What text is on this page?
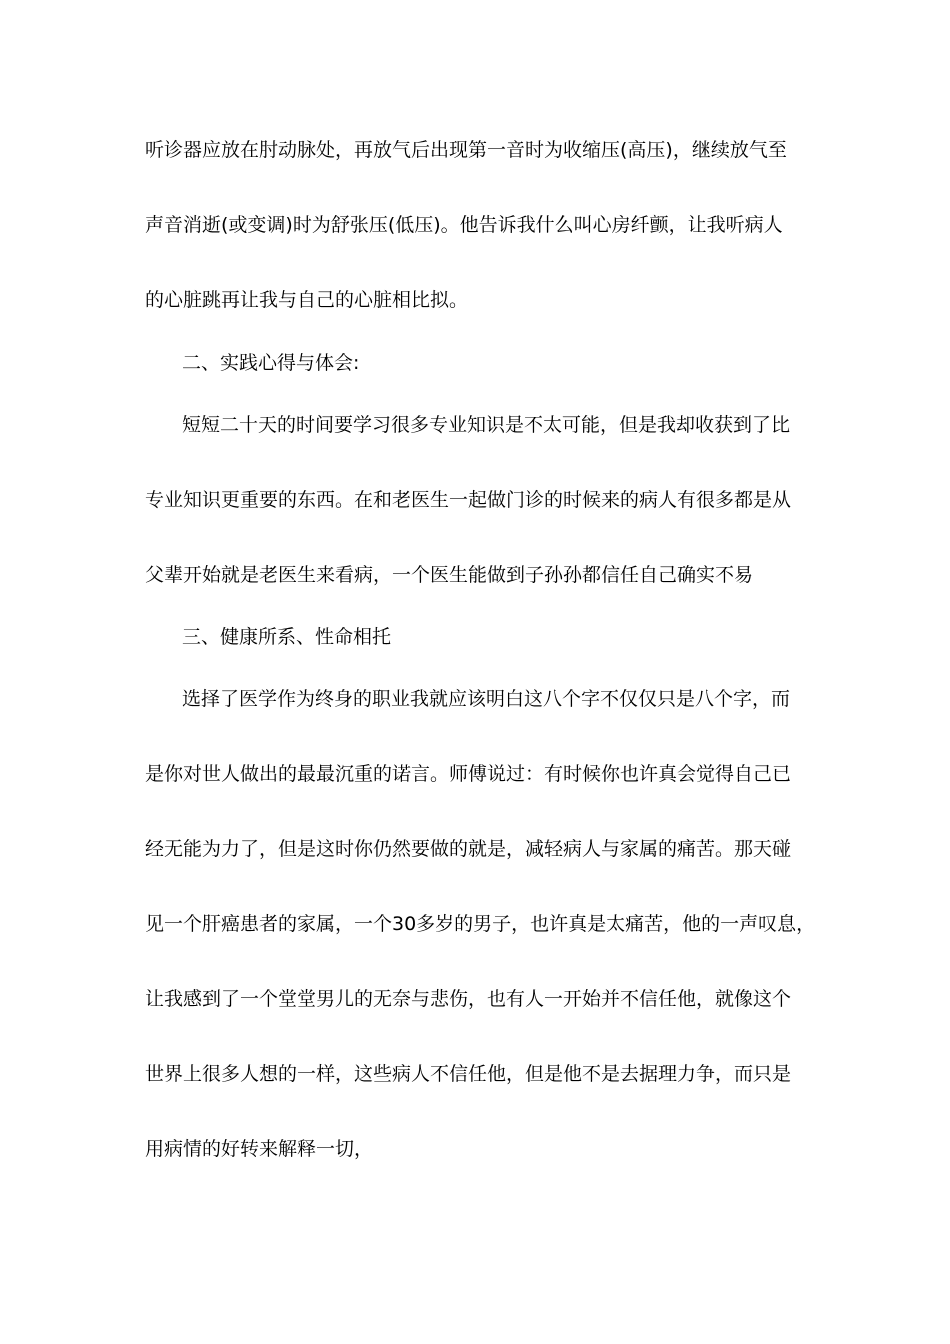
听诊器应放在肘动脉处，再放气后出现第一音时为收缩压(高压)，继续放气至
声音消逝(或变调)时为舒张压(低压)。他告诉我什么叫心房纤颤，让我听病人
的心脏跳再让我与自己的心脏相比拟。
二、实践心得与体会:
短短二十天的时间要学习很多专业知识是不太可能，但是我却收获到了比
专业知识更重要的东西。在和老医生一起做门诊的时候来的病人有很多都是从
父辈开始就是老医生来看病，一个医生能做到子孙孙都信任自己确实不易
三、健康所系、性命相托
选择了医学作为终身的职业我就应该明白这八个字不仅仅只是八个字，而
是你对世人做出的最最沉重的诺言。师傅说过：有时候你也许真会觉得自己已
经无能为力了，但是这时你仍然要做的就是，减轻病人与家属的痛苦。那天碰
见一个肝癌患者的家属，一个30多岁的男子，也许真是太痛苦，他的一声叹息，
让我感到了一个堂堂男儿的无奈与悲伤，也有人一开始并不信任他，就像这个
世界上很多人想的一样，这些病人不信任他，但是他不是去据理力争，而只是
用病情的好转来解释一切，
